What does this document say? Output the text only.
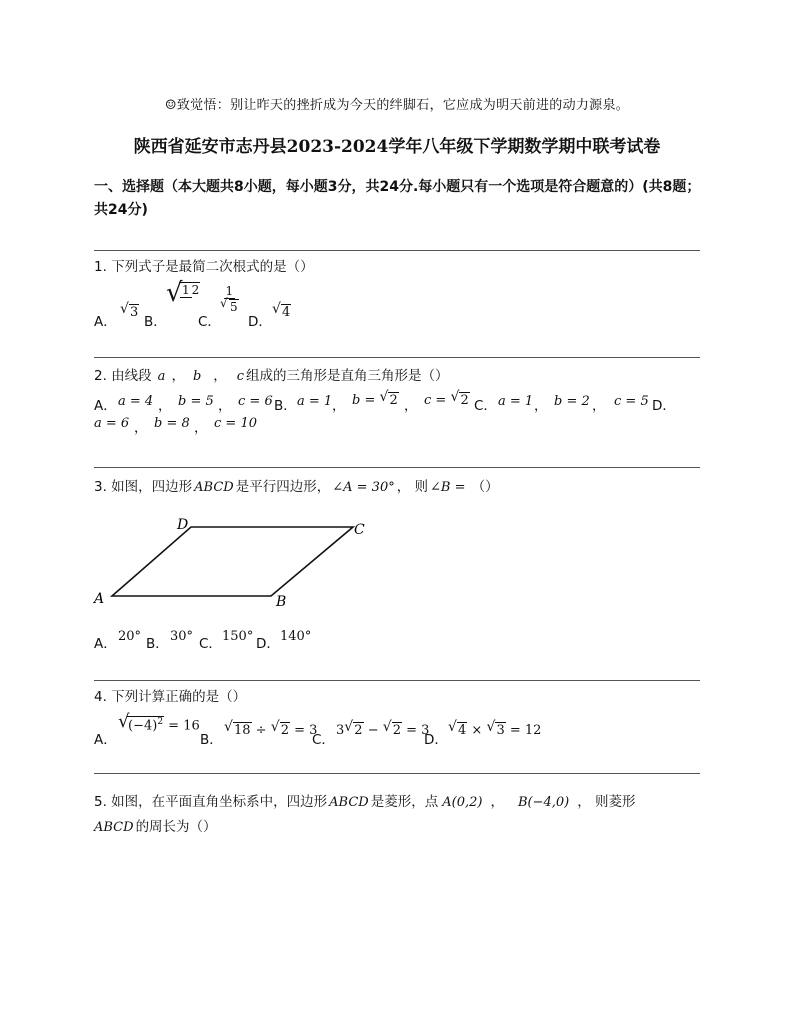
☺致觉悟：别让昨天的挫折成为今天的绊脚石，它应成为明天前进的动力源泉。
陕西省延安市志丹县2023-2024学年八年级下学期数学期中联考试卷
一、选择题（本大题共8小题，每小题3分，共24分.每小题只有一个选项是符合题意的）(共8题；共24分)
1. 下列式子是最简二次根式的是（）
A．
√ 3
B．
√ 1 2
C．
$\frac{1}{√ 5}$
D．
√ 4
2. 由线段 a ， b ， c 组成的三角形是直角三角形是（）
A． a = 4 ， b = 5 ， c = 6 B． a = 1 ， b = √ 2 ， c = √ 2 C． a = 1 ， b = 2 ， c = 5 D．
a = 6 ， b = 8 ， c = 10
3. 如图，四边形 ABCD 是平行四边形， ∠A = 30° ， 则 ∠B = （）
A	B
C
D
A． 20° B． 30° C． 150° D． 140°
4. 下列计算正确的是（）
A．
√
$(-4)^2 = 16$
B．
√ 18 ÷ √ 2 = 3
C．
3 √ 2 − √ 2 = 3
D．
√ 4 × √ 3 = 12
5. 如图，在平面直角坐标系中，四边形 ABCD 是菱形，点 A(0,2) ， B(−4,0) ， 则菱形
ABCD 的周长为（）
